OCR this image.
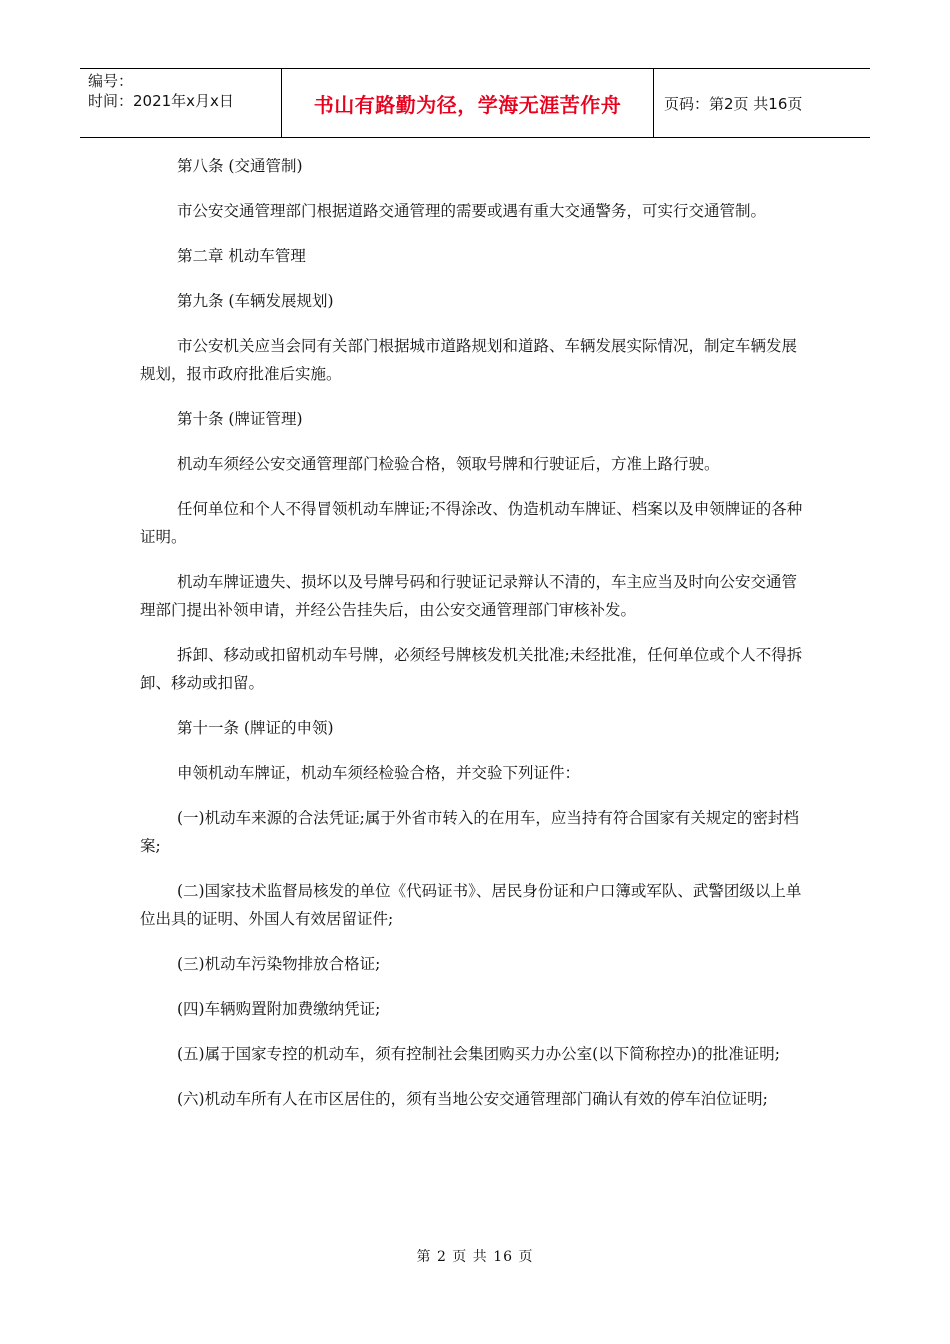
编号：
时间：2021年x月x日	书山有路勤为径，学海无涯苦作舟	页码：第2页 共16页

第八条 (交通管制)

市公安交通管理部门根据道路交通管理的需要或遇有重大交通警务，可实行交通管制。

第二章 机动车管理

第九条 (车辆发展规划)

市公安机关应当会同有关部门根据城市道路规划和道路、车辆发展实际情况，制定车辆发展规划，报市政府批准后实施。

第十条 (牌证管理)

机动车须经公安交通管理部门检验合格，领取号牌和行驶证后，方准上路行驶。

任何单位和个人不得冒领机动车牌证;不得涂改、伪造机动车牌证、档案以及申领牌证的各种证明。

机动车牌证遗失、损坏以及号牌号码和行驶证记录辩认不清的，车主应当及时向公安交通管理部门提出补领申请，并经公告挂失后，由公安交通管理部门审核补发。

拆卸、移动或扣留机动车号牌，必须经号牌核发机关批准;未经批准，任何单位或个人不得拆卸、移动或扣留。

第十一条 (牌证的申领)

申领机动车牌证，机动车须经检验合格，并交验下列证件：

(一)机动车来源的合法凭证;属于外省市转入的在用车，应当持有符合国家有关规定的密封档案;

(二)国家技术监督局核发的单位《代码证书》、居民身份证和户口簿或军队、武警团级以上单位出具的证明、外国人有效居留证件;

(三)机动车污染物排放合格证;

(四)车辆购置附加费缴纳凭证;

(五)属于国家专控的机动车，须有控制社会集团购买力办公室(以下简称控办)的批准证明;

(六)机动车所有人在市区居住的，须有当地公安交通管理部门确认有效的停车泊位证明;

第 2 页 共 16 页
